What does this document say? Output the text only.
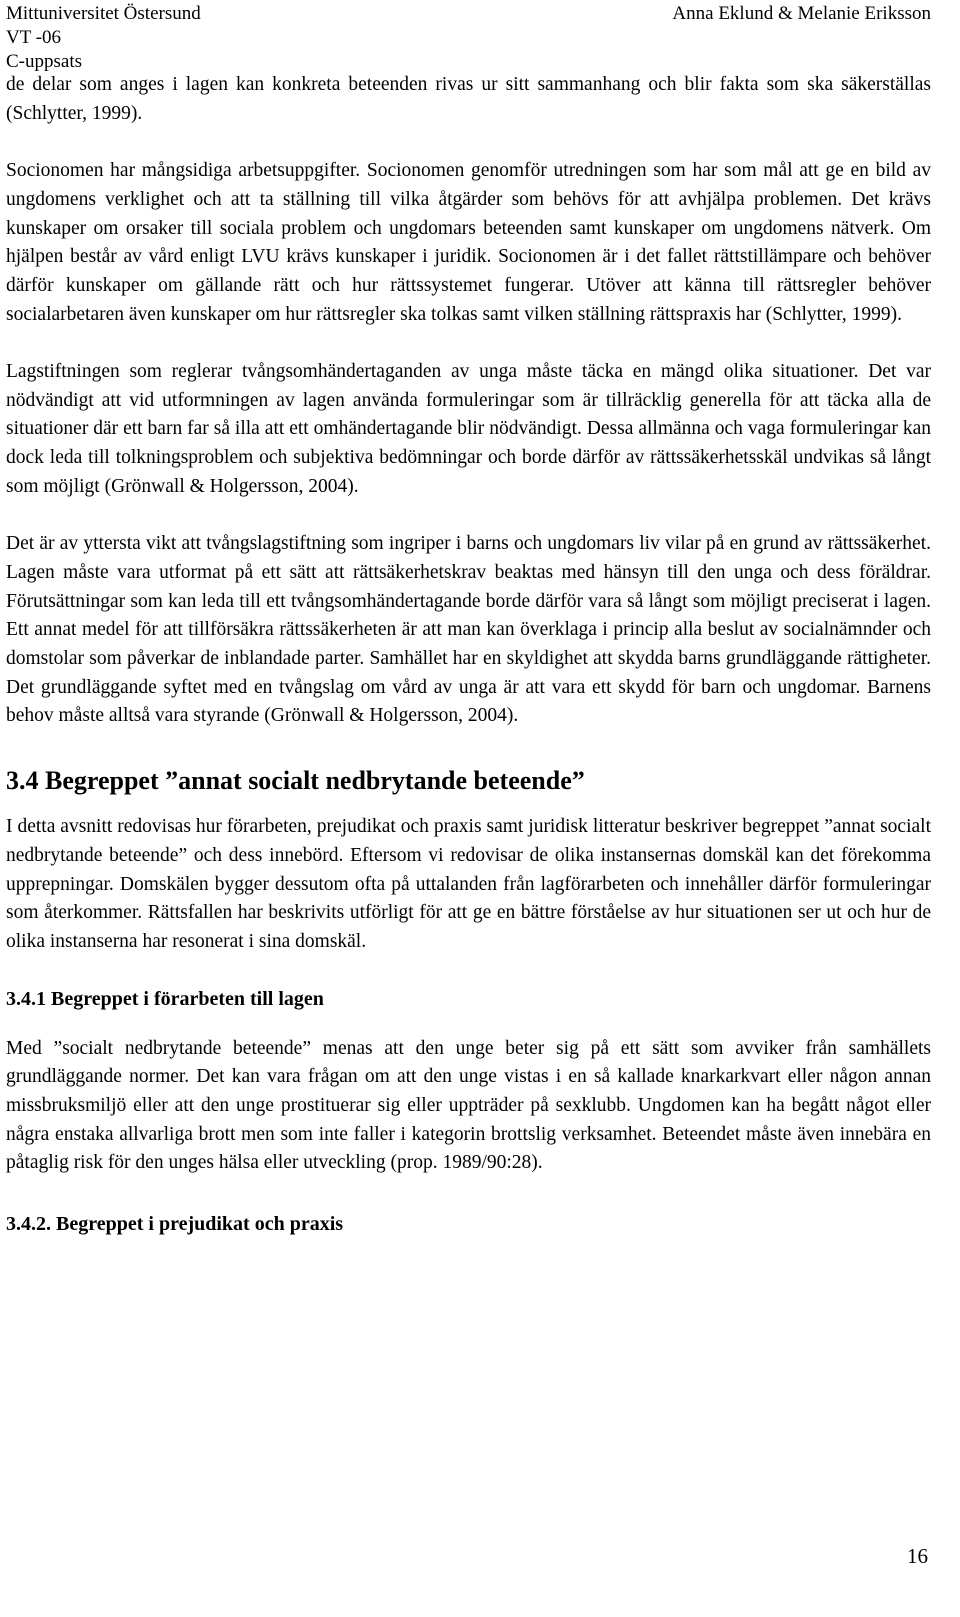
Mittuniversitet Östersund
VT -06
C-uppsats
Anna Eklund & Melanie Eriksson

de delar som anges i lagen kan konkreta beteenden rivas ur sitt sammanhang och blir fakta som ska säkerställas (Schlytter, 1999).

Socionomen har mångsidiga arbetsuppgifter. Socionomen genomför utredningen som har som mål att ge en bild av ungdomens verklighet och att ta ställning till vilka åtgärder som behövs för att avhjälpa problemen. Det krävs kunskaper om orsaker till sociala problem och ungdomars beteenden samt kunskaper om ungdomens nätverk. Om hjälpen består av vård enligt LVU krävs kunskaper i juridik. Socionomen är i det fallet rättstillämpare och behöver därför kunskaper om gällande rätt och hur rättssystemet fungerar. Utöver att känna till rättsregler behöver socialarbetaren även kunskaper om hur rättsregler ska tolkas samt vilken ställning rättspraxis har (Schlytter, 1999).

Lagstiftningen som reglerar tvångsomhändertaganden av unga måste täcka en mängd olika situationer. Det var nödvändigt att vid utformningen av lagen använda formuleringar som är tillräcklig generella för att täcka alla de situationer där ett barn far så illa att ett omhändertagande blir nödvändigt. Dessa allmänna och vaga formuleringar kan dock leda till tolkningsproblem och subjektiva bedömningar och borde därför av rättssäkerhetsskäl undvikas så långt som möjligt (Grönwall & Holgersson, 2004).

Det är av yttersta vikt att tvångslagstiftning som ingriper i barns och ungdomars liv vilar på en grund av rättssäkerhet. Lagen måste vara utformat på ett sätt att rättsäkerhetskrav beaktas med hänsyn till den unga och dess föräldrar. Förutsättningar som kan leda till ett tvångsomhändertagande borde därför vara så långt som möjligt preciserat i lagen. Ett annat medel för att tillförsäkra rättssäkerheten är att man kan överklaga i princip alla beslut av socialnämnder och domstolar som påverkar de inblandade parter. Samhället har en skyldighet att skydda barns grundläggande rättigheter. Det grundläggande syftet med en tvångslag om vård av unga är att vara ett skydd för barn och ungdomar. Barnens behov måste alltså vara styrande (Grönwall & Holgersson, 2004).

3.4 Begreppet ”annat socialt nedbrytande beteende”

I detta avsnitt redovisas hur förarbeten, prejudikat och praxis samt juridisk litteratur beskriver begreppet ”annat socialt nedbrytande beteende” och dess innebörd. Eftersom vi redovisar de olika instansernas domskäl kan det förekomma upprepningar. Domskälen bygger dessutom ofta på uttalanden från lagförarbeten och innehåller därför formuleringar som återkommer. Rättsfallen har beskrivits utförligt för att ge en bättre förståelse av hur situationen ser ut och hur de olika instanserna har resonerat i sina domskäl.

3.4.1 Begreppet i förarbeten till lagen

Med ”socialt nedbrytande beteende” menas att den unge beter sig på ett sätt som avviker från samhällets grundläggande normer. Det kan vara frågan om att den unge vistas i en så kallade knarkarkvart eller någon annan missbruksmiljö eller att den unge prostituerar sig eller uppträder på sexklubb. Ungdomen kan ha begått något eller några enstaka allvarliga brott men som inte faller i kategorin brottslig verksamhet. Beteendet måste även innebära en påtaglig risk för den unges hälsa eller utveckling (prop. 1989/90:28).

3.4.2. Begreppet i prejudikat och praxis
16
